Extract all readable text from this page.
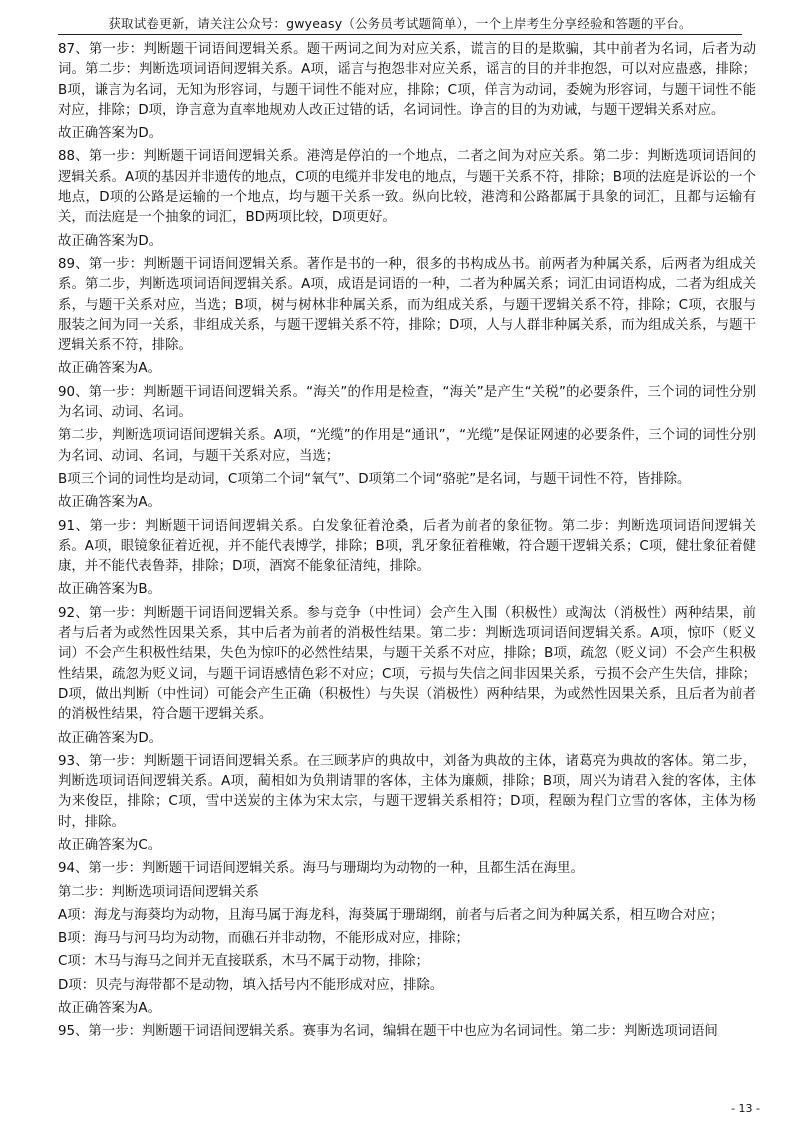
获取试卷更新，请关注公众号：gwyeasy（公务员考试题简单），一个上岸考生分享经验和答题的平台。

87、第一步：判断题干词语间逻辑关系。题干两词之间为对应关系，谎言的目的是欺骗，其中前者为名词，后者为动词。第二步：判断选项词语间逻辑关系。A项，谣言与抱怨非对应关系，谣言的目的并非抱怨，可以对应蛊惑，排除；B项，谦言为名词，无知为形容词，与题干词性不能对应，排除；C项，佯言为动词，委婉为形容词，与题干词性不能对应，排除；D项，诤言意为直率地规劝人改正过错的话，名词词性。诤言的目的为劝诫，与题干逻辑关系对应。

故正确答案为D。

88、第一步：判断题干词语间逻辑关系。港湾是停泊的一个地点，二者之间为对应关系。第二步：判断选项词语间的逻辑关系。A项的基因并非遗传的地点，C项的电缆并非发电的地点，与题干关系不符，排除；B项的法庭是诉讼的一个地点，D项的公路是运输的一个地点，均与题干关系一致。纵向比较，港湾和公路都属于具象的词汇，且都与运输有关，而法庭是一个抽象的词汇，BD两项比较，D项更好。

故正确答案为D。

89、第一步：判断题干词语间逻辑关系。著作是书的一种，很多的书构成丛书。前两者为种属关系，后两者为组成关系。第二步，判断选项词语间逻辑关系。A项，成语是词语的一种，二者为种属关系；词汇由词语构成，二者为组成关系，与题干关系对应，当选；B项，树与树林非种属关系，而为组成关系，与题干逻辑关系不符，排除；C项，衣服与服装之间为同一关系，非组成关系，与题干逻辑关系不符，排除；D项，人与人群非种属关系，而为组成关系，与题干逻辑关系不符，排除。

故正确答案为A。

90、第一步：判断题干词语间逻辑关系。“海关”的作用是检查，“海关”是产生“关税”的必要条件，三个词的词性分别为名词、动词、名词。

第二步，判断选项词语间逻辑关系。A项，“光缆”的作用是“通讯”，“光缆”是保证网速的必要条件，三个词的词性分别为名词、动词、名词，与题干关系对应，当选；

B项三个词的词性均是动词，C项第二个词“氧气”、D项第二个词“骆驼”是名词，与题干词性不符，皆排除。

故正确答案为A。

91、第一步：判断题干词语间逻辑关系。白发象征着沧桑，后者为前者的象征物。第二步：判断选项词语间逻辑关系。A项，眼镜象征着近视，并不能代表博学，排除；B项，乳牙象征着稚嫩，符合题干逻辑关系；C项，健壮象征着健康，并不能代表鲁莽，排除；D项，酒窝不能象征清纯，排除。

故正确答案为B。

92、第一步：判断题干词语间逻辑关系。参与竞争（中性词）会产生入围（积极性）或淘汰（消极性）两种结果，前者与后者为或然性因果关系，其中后者为前者的消极性结果。第二步：判断选项词语间逻辑关系。A项，惊吓（贬义词）不会产生积极性结果，失色为惊吓的必然性结果，与题干关系不对应，排除；B项，疏忽（贬义词）不会产生积极性结果，疏忽为贬义词，与题干词语感情色彩不对应；C项，亏损与失信之间非因果关系，亏损不会产生失信，排除；D项，做出判断（中性词）可能会产生正确（积极性）与失误（消极性）两种结果，为或然性因果关系，且后者为前者的消极性结果，符合题干逻辑关系。

故正确答案为D。

93、第一步：判断题干词语间逻辑关系。在三顾茅庐的典故中，刘备为典故的主体，诸葛亮为典故的客体。第二步，判断选项词语间逻辑关系。A项，蔺相如为负荆请罪的客体，主体为廉颇，排除；B项，周兴为请君入瓮的客体，主体为来俊臣，排除；C项，雪中送炭的主体为宋太宗，与题干逻辑关系相符；D项，程颐为程门立雪的客体，主体为杨时，排除。

故正确答案为C。

94、第一步：判断题干词语间逻辑关系。海马与珊瑚均为动物的一种，且都生活在海里。

第二步：判断选项词语间逻辑关系

A项：海龙与海葵均为动物，且海马属于海龙科，海葵属于珊瑚纲，前者与后者之间为种属关系，相互吻合对应；

B项：海马与河马均为动物，而礁石并非动物，不能形成对应，排除；

C项：木马与海马之间并无直接联系，木马不属于动物，排除；

D项：贝壳与海带都不是动物，填入括号内不能形成对应，排除。

故正确答案为A。

95、第一步：判断题干词语间逻辑关系。赛事为名词，编辑在题干中也应为名词词性。第二步：判断选项词语间

- 13 -
